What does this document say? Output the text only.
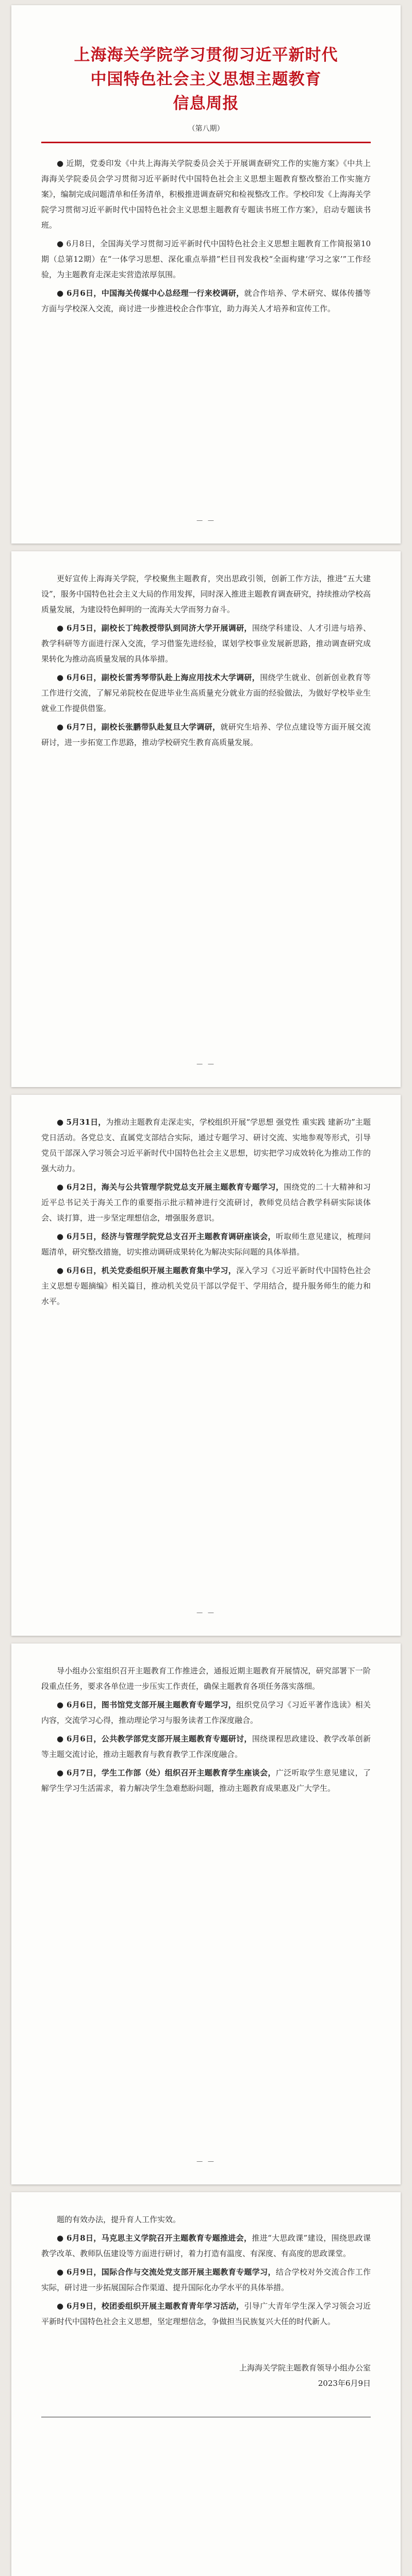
上海海关学院学习贯彻习近平新时代
中国特色社会主义思想主题教育
信息周报
（第八期）

● 近期，党委印发《中共上海海关学院委员会关于开展调查研究工作的实施方案》《中共上海海关学院委员会学习贯彻习近平新时代中国特色社会主义思想主题教育整改整治工作实施方案》，编制完成问题清单和任务清单，积极推进调查研究和检视整改工作。学校印发《上海海关学院学习贯彻习近平新时代中国特色社会主义思想主题教育专题读书班工作方案》，启动专题读书班。

● 6月8日，全国海关学习贯彻习近平新时代中国特色社会主义思想主题教育工作简报第10期（总第12期）在“一体学习思想、深化重点举措”栏目刊发我校“全面构建‘学习之家’”工作经验，为主题教育走深走实营造浓厚氛围。

● 6月6日，中国海关传媒中心总经理一行来校调研，就合作培养、学术研究、媒体传播等方面与学校深入交流，商讨进一步推进校企合作事宜，助力海关人才培养和宣传工作。

— —

更好宣传上海海关学院，学校聚焦主题教育，突出思政引领，创新工作方法，推进“五大建设”，服务中国特色社会主义大局的作用发挥，同时深入推进主题教育调查研究，持续推动学校高质量发展，为建设特色鲜明的一流海关大学而努力奋斗。

● 6月5日，副校长丁纯教授带队到同济大学开展调研，围绕学科建设、人才引进与培养、教学科研等方面进行深入交流，学习借鉴先进经验，谋划学校事业发展新思路，推动调查研究成果转化为推动高质量发展的具体举措。

● 6月6日，副校长雷秀琴带队赴上海应用技术大学调研，围绕学生就业、创新创业教育等工作进行交流，了解兄弟院校在促进毕业生高质量充分就业方面的经验做法，为做好学校毕业生就业工作提供借鉴。

● 6月7日，副校长张鹏带队赴复旦大学调研，就研究生培养、学位点建设等方面开展交流研讨，进一步拓宽工作思路，推动学校研究生教育高质量发展。

— —

● 5月31日，为推动主题教育走深走实，学校组织开展“学思想 强党性 重实践 建新功”主题党日活动。各党总支、直属党支部结合实际，通过专题学习、研讨交流、实地参观等形式，引导党员干部深入学习领会习近平新时代中国特色社会主义思想，切实把学习成效转化为推动工作的强大动力。

● 6月2日，海关与公共管理学院党总支开展主题教育专题学习，围绕党的二十大精神和习近平总书记关于海关工作的重要指示批示精神进行交流研讨，教师党员结合教学科研实际谈体会、谈打算，进一步坚定理想信念，增强服务意识。

● 6月5日，经济与管理学院党总支召开主题教育调研座谈会，听取师生意见建议，梳理问题清单，研究整改措施，切实推动调研成果转化为解决实际问题的具体举措。

● 6月6日，机关党委组织开展主题教育集中学习，深入学习《习近平新时代中国特色社会主义思想专题摘编》相关篇目，推动机关党员干部以学促干、学用结合，提升服务师生的能力和水平。

— —

导小组办公室组织召开主题教育工作推进会，通报近期主题教育开展情况，研究部署下一阶段重点任务，要求各单位进一步压实工作责任，确保主题教育各项任务落实落细。

● 6月6日，图书馆党支部开展主题教育专题学习，组织党员学习《习近平著作选读》相关内容，交流学习心得，推动理论学习与服务读者工作深度融合。

● 6月6日，公共教学部党支部开展主题教育专题研讨，围绕课程思政建设、教学改革创新等主题交流讨论，推动主题教育与教育教学工作深度融合。

● 6月7日，学生工作部（处）组织召开主题教育学生座谈会，广泛听取学生意见建议，了解学生学习生活需求，着力解决学生急难愁盼问题，推动主题教育成果惠及广大学生。

— —

题的有效办法，提升育人工作实效。

● 6月8日，马克思主义学院召开主题教育专题推进会，推进“大思政课”建设，围绕思政课教学改革、教师队伍建设等方面进行研讨，着力打造有温度、有深度、有高度的思政课堂。

● 6月9日，国际合作与交流处党支部开展主题教育专题学习，结合学校对外交流合作工作实际，研讨进一步拓展国际合作渠道、提升国际化办学水平的具体举措。

● 6月9日，校团委组织开展主题教育青年学习活动，引导广大青年学生深入学习领会习近平新时代中国特色社会主义思想，坚定理想信念，争做担当民族复兴大任的时代新人。

上海海关学院主题教育领导小组办公室

2023年6月9日
